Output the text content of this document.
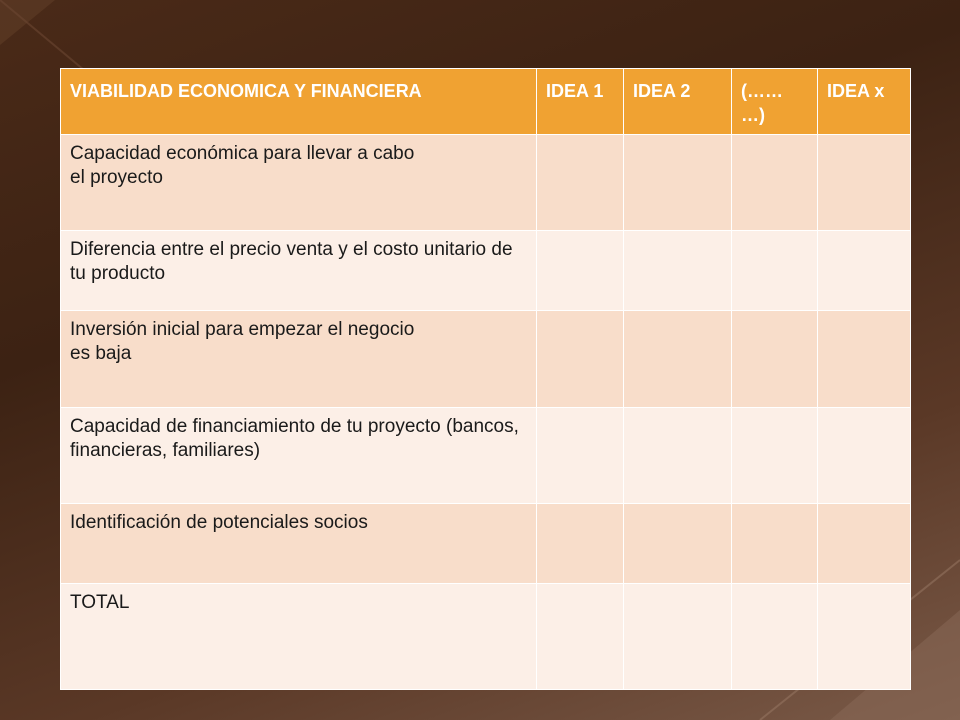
VIABILIDAD ECONOMICA Y FINANCIERA	IDEA 1	IDEA 2	(……
…)	IDEA x

Capacidad económica para llevar a cabo
el proyecto				

Diferencia entre el precio venta y el costo unitario de tu producto				

Inversión inicial para empezar el negocio
es baja				

Capacidad de financiamiento de tu proyecto (bancos, financieras, familiares)				

Identificación de potenciales socios				

TOTAL				
